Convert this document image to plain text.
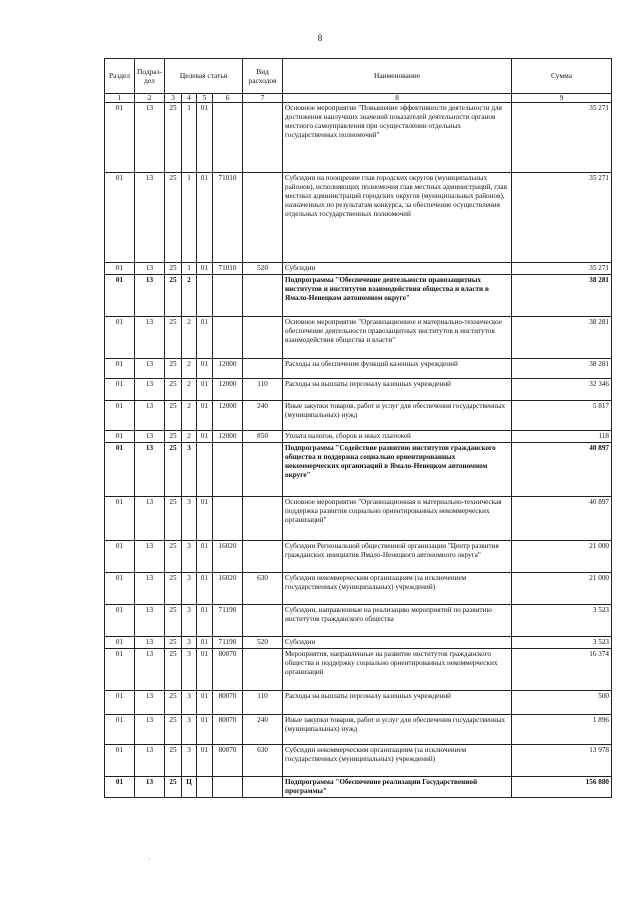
8
Раздел	Подраз-дел	Целевая статья				Вид расходов	Наименование	Сумма
1	2	3	4	5	6	7	8	9
01	13	25	1	01			Основное мероприятие "Повышение эффективности деятельности для достижения наилучших значений показателей деятельности органов местного самоуправления при осуществлении отдельных государственных полномочий"	35 271
01	13	25	1	01	71010		Субсидии на поощрение глав городских округов (муниципальных районов), исполняющих полномочия глав местных администраций, глав местных администраций городских округов (муниципальных районов), назначенных по результатам конкурса, за обеспечение осуществления отдельных государственных полномочий	35 271
01	13	25	1	01	71010	520	Субсидии	35 271
01	13	25	2				Подпрограмма "Обеспечение деятельности правозащитных институтов и институтов взаимодействия общества и власти в Ямало-Ненецком автономном округе"	38 281
01	13	25	2	01			Основное мероприятие "Организационное и материально-техническое обеспечение деятельности правозащитных институтов и институтов взаимодействия общества и власти"	38 281
01	13	25	2	01	12000		Расходы на обеспечение функций казенных учреждений	38 281
01	13	25	2	01	12000	110	Расходы на выплаты персоналу казенных учреждений	32 346
01	13	25	2	01	12000	240	Иные закупки товаров, работ и услуг для обеспечения государственных (муниципальных) нужд	5 817
01	13	25	2	01	12000	850	Уплата налогов, сборов и иных платежей	118
01	13	25	3				Подпрограмма "Содействие развитию институтов гражданского общества и поддержка социально ориентированных некоммерческих организаций в Ямало-Ненецком автономном округе"	40 897
01	13	25	3	01			Основное мероприятие "Организационная и материально-техническая поддержка развития социально ориентированных некоммерческих организаций"	40 897
01	13	25	3	01	16020		Субсидии Региональной общественной организации "Центр развития гражданских инициатив Ямало-Ненецкого автономного округа"	21 000
01	13	25	3	01	16020	630	Субсидии некоммерческим организациям (за исключением государственных (муниципальных) учреждений)	21 000
01	13	25	3	01	71190		Субсидии, направленные на реализацию мероприятий по развитию институтов гражданского общества	3 523
01	13	25	3	01	71190	520	Субсидии	3 523
01	13	25	3	01	80070		Мероприятия, направленные на развитие институтов гражданского общества и поддержку социально ориентированных некоммерческих организаций	16 374
01	13	25	3	01	80070	110	Расходы на выплаты персоналу казенных учреждений	500
01	13	25	3	01	80070	240	Иные закупки товаров, работ и услуг для обеспечения государственных (муниципальных) нужд	1 896
01	13	25	3	01	80070	630	Субсидии некоммерческим организациям (за исключением государственных (муниципальных) учреждений)	13 978
01	13	25	Ц				Подпрограмма "Обеспечение реализации Государственной программы"	156 880
·
